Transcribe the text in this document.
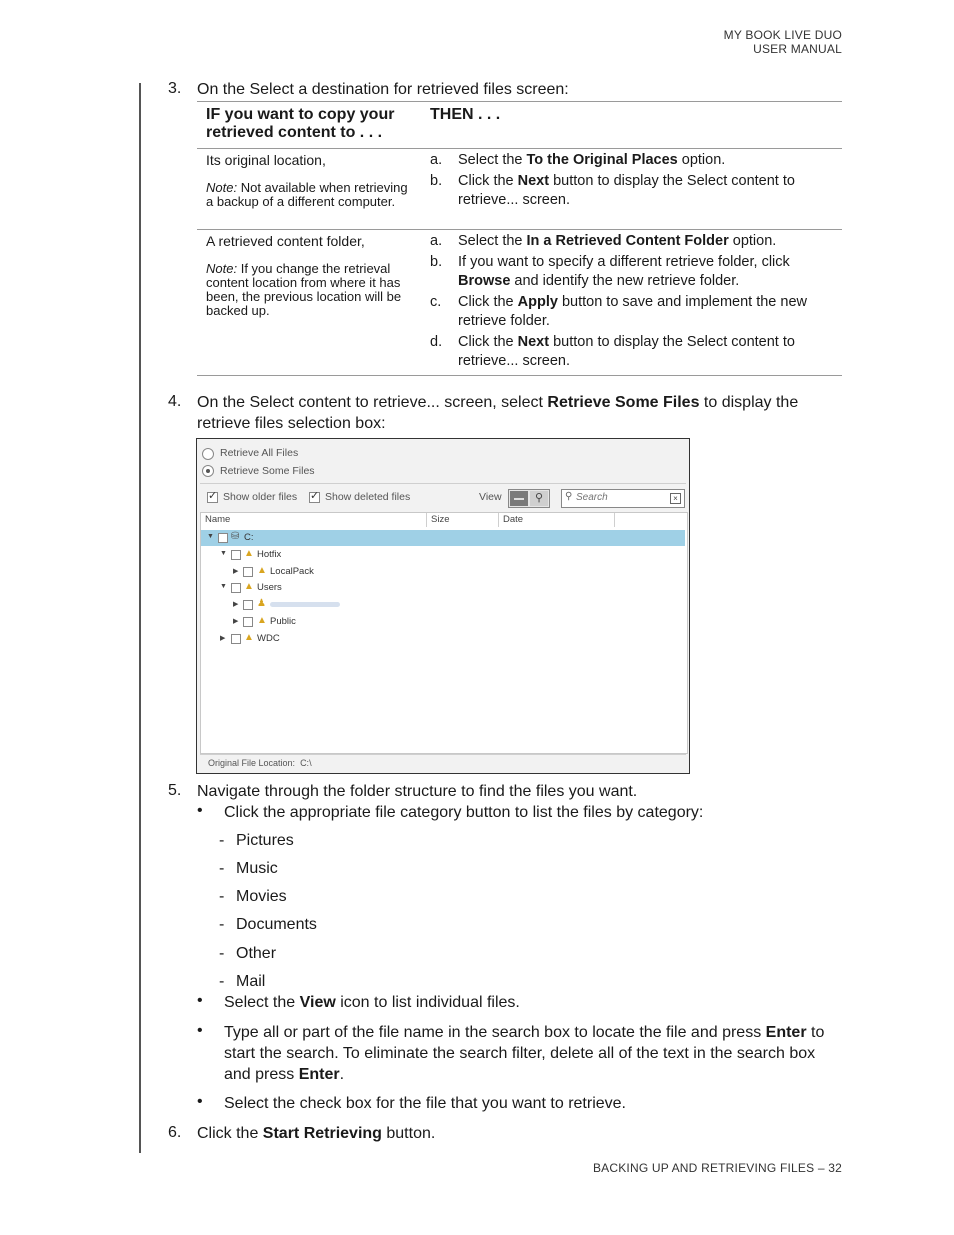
MY BOOK LIVE DUO
USER MANUAL
3. On the Select a destination for retrieved files screen:
IF you want to copy your retrieved content to . . .
THEN . . .
Its original location,
Note: Not available when retrieving a backup of a different computer.
a. Select the To the Original Places option.
b. Click the Next button to display the Select content to retrieve... screen.
A retrieved content folder,
Note: If you change the retrieval content location from where it has been, the previous location will be backed up.
a. Select the In a Retrieved Content Folder option.
b. If you want to specify a different retrieve folder, click Browse and identify the new retrieve folder.
c. Click the Apply button to save and implement the new retrieve folder.
d. Click the Next button to display the Select content to retrieve... screen.
4. On the Select content to retrieve... screen, select Retrieve Some Files to display the retrieve files selection box:
Retrieve All Files
Retrieve Some Files
✓
Show older files
✓	Show deleted files	View	⚲	⚲
Search	×
Name	Size	Date
▼ ⛁ C:
▼ ▲ Hotfix
▶ ▲ LocalPack
▼ ▲ Users
▶ ♟
▶ ▲ Public
▶ ▲ WDC
Original File Location: C:\
5. Navigate through the folder structure to find the files you want.
• Click the appropriate file category button to list the files by category:
- Pictures
- Music
- Movies
- Documents
- Other
- Mail
• Select the View icon to list individual files.
• Type all or part of the file name in the search box to locate the file and press Enter to start the search. To eliminate the search filter, delete all of the text in the search box and press Enter.
• Select the check box for the file that you want to retrieve.
6. Click the Start Retrieving button.
BACKING UP AND RETRIEVING FILES – 32
